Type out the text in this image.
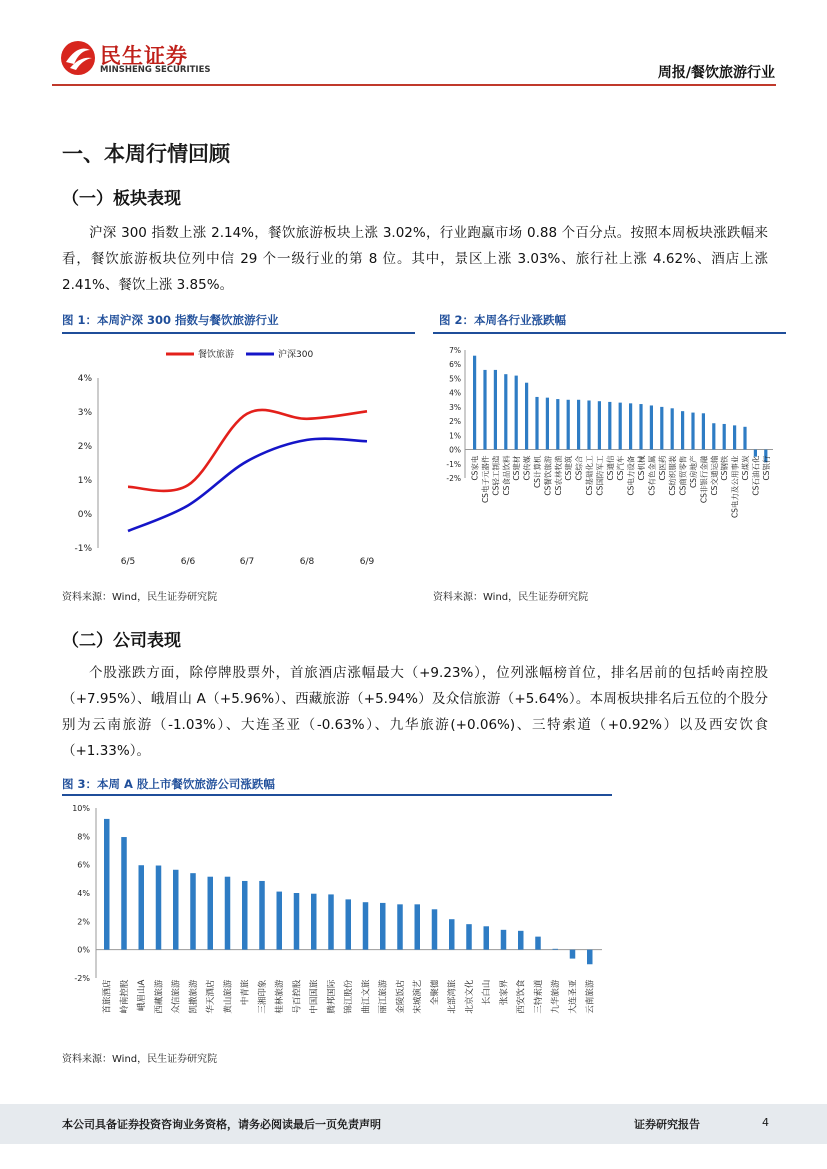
民生证券
MINSHENG SECURITIES	周报/餐饮旅游行业
一、本周行情回顾
（一）板块表现
沪深 300 指数上涨 2.14%，餐饮旅游板块上涨 3.02%，行业跑赢市场 0.88 个百分点。按照本周板块涨跌幅来看，餐饮旅游板块位列中信 29 个一级行业的第 8 位。其中，景区上涨 3.03%、旅行社上涨 4.62%、酒店上涨 2.41%、餐饮上涨 3.85%。
图 1：本周沪深 300 指数与餐饮旅游行业
4%
3%
2%
1%
0%
-1%
6/5	6/6	6/7	6/8	6/9
餐饮旅游	沪深300
资料来源：Wind，民生证券研究院
图 2：本周各行业涨跌幅
7%
6%
5%
4%
3%
2%
1%
0%
-1%
-2% CS家电 CS电子元器件 CS轻工制造 CS食品饮料 CS建材 CS传媒 CS计算机 CS餐饮旅游 CS农林牧渔 CS建筑 CS综合 CS基础化工 CS国防军工 CS通信 CS汽车 CS电力设备 CS机械 CS有色金属 CS医药 CS纺织服装 CS商贸零售 CS房地产 CS非银行金融 CS交通运输 CS钢铁 CS电力及公用事业 CS煤炭 CS石油石化 CS银行
资料来源：Wind，民生证券研究院
（二）公司表现
个股涨跌方面，除停牌股票外，首旅酒店涨幅最大（+9.23%），位列涨幅榜首位，排名居前的包括岭南控股（+7.95%）、峨眉山 A（+5.96%）、西藏旅游（+5.94%）及众信旅游（+5.64%）。本周板块排名后五位的个股分别为云南旅游（-1.03%）、大连圣亚（-0.63%）、九华旅游(+0.06%)、三特索道（+0.92%）以及西安饮食（+1.33%）。
图 3：本周 A 股上市餐饮旅游公司涨跌幅
10%
8%
6%
4%
2%
0%
-2%
首旅酒店 岭南控股 峨眉山A 西藏旅游 众信旅游 凯撒旅游 华天酒店 黄山旅游 中青旅 三湘印象 桂林旅游 号百控股 中国国旅 腾邦国际 锦江股份 曲江文旅 丽江旅游 金陵饭店 宋城演艺 全聚德 北部湾旅 北京文化 长白山 张家界 西安饮食 三特索道 九华旅游 大连圣亚 云南旅游
资料来源：Wind，民生证券研究院
本公司具备证券投资咨询业务资格，请务必阅读最后一页免责声明	证券研究报告	4
